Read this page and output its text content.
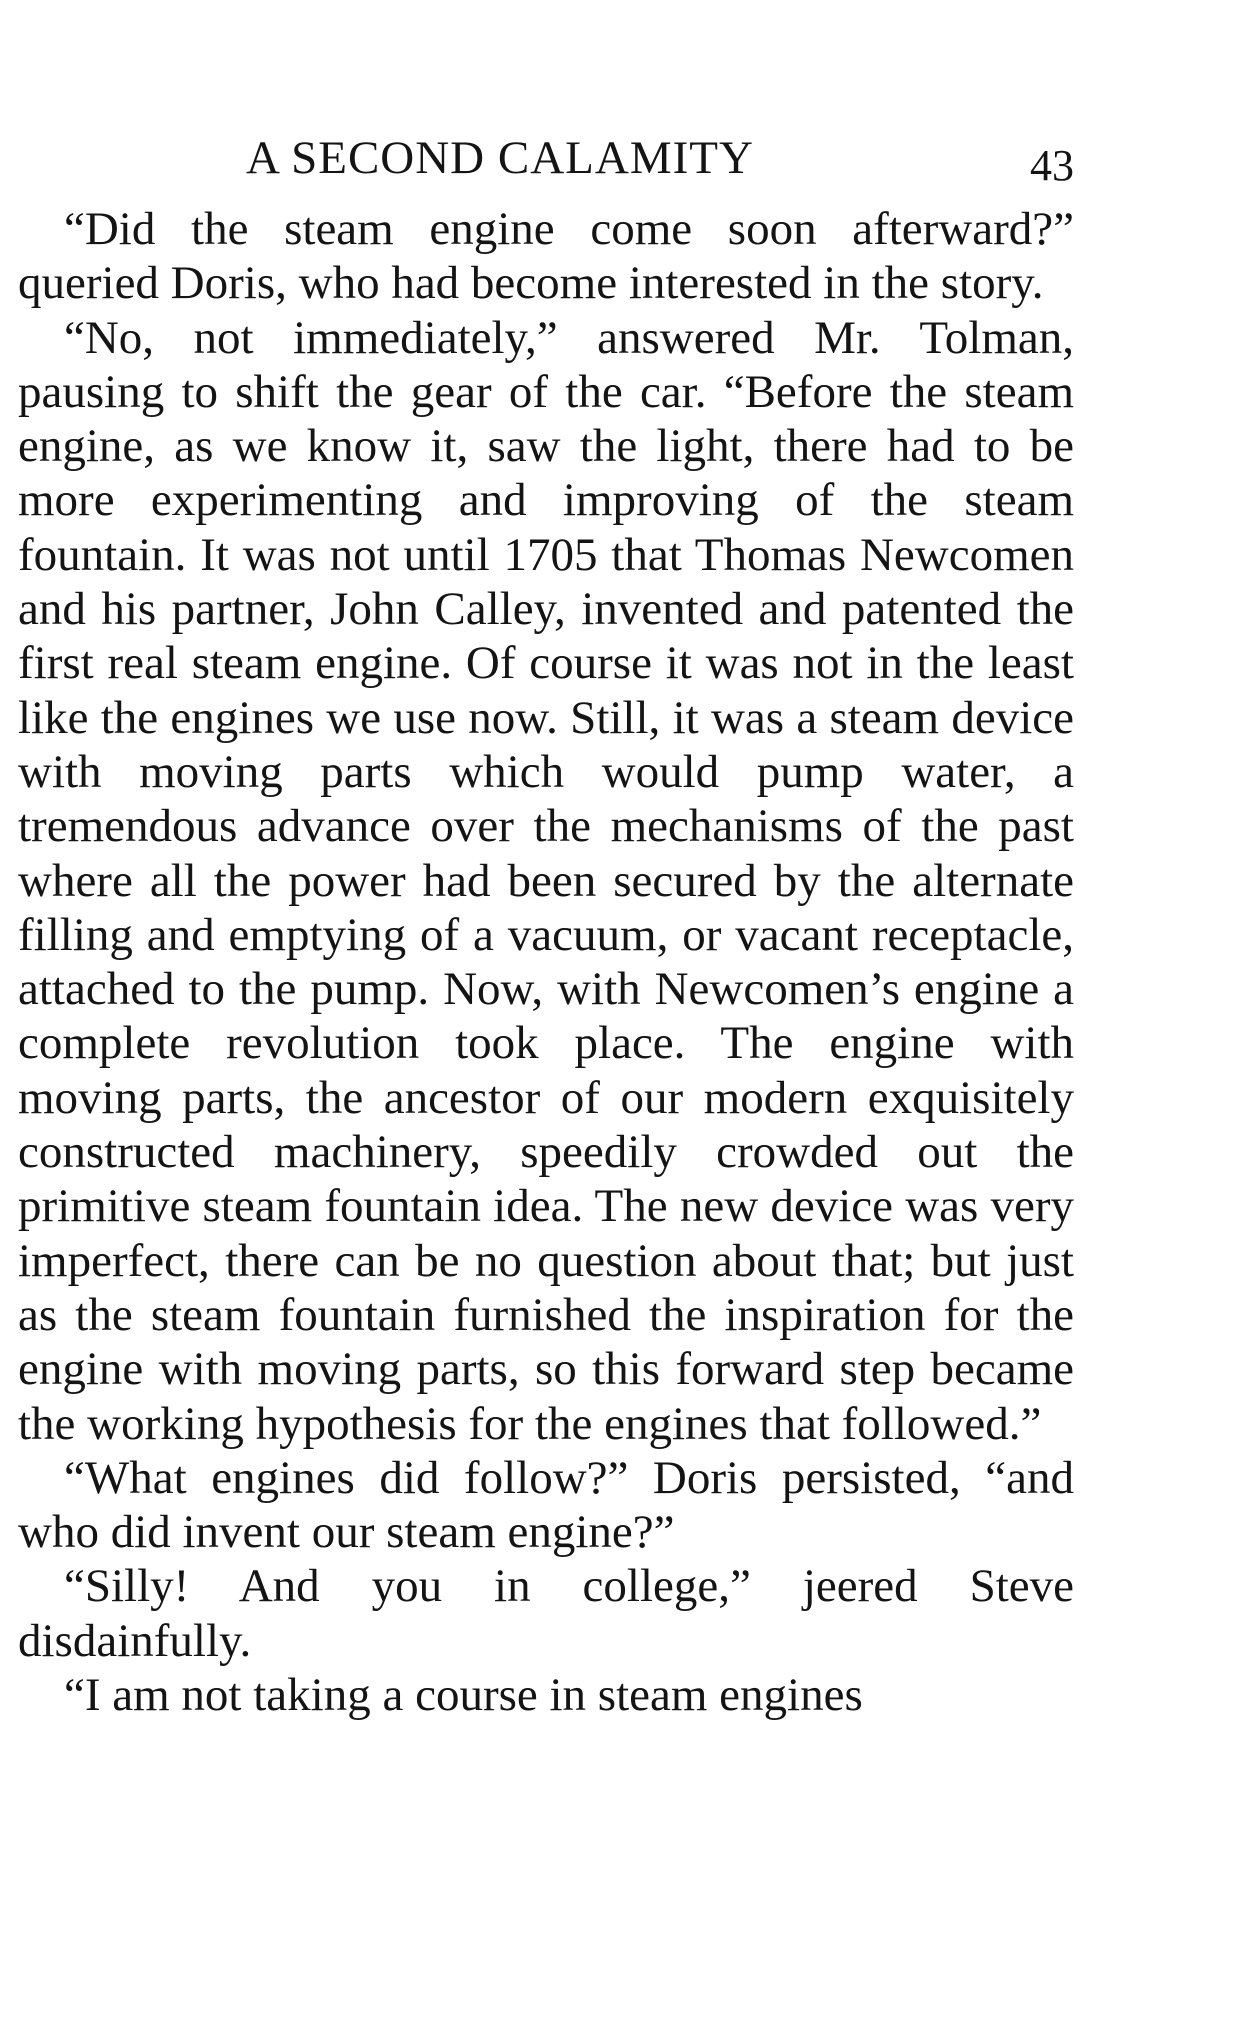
A SECOND CALAMITY	43

“Did the steam engine come soon afterward?” queried Doris, who had become interested in the story.

“No, not immediately,” answered Mr. Tolman, pausing to shift the gear of the car. “Before the steam engine, as we know it, saw the light, there had to be more experimenting and improving of the steam fountain. It was not until 1705 that Thomas Newcomen and his partner, John Calley, invented and patented the first real steam engine. Of course it was not in the least like the engines we use now. Still, it was a steam device with moving parts which would pump water, a tremendous advance over the mechanisms of the past where all the power had been secured by the alternate filling and emptying of a vacuum, or vacant receptacle, attached to the pump. Now, with Newcomen’s engine a complete revolution took place. The engine with moving parts, the ancestor of our modern exquisitely constructed machinery, speedily crowded out the primitive steam fountain idea. The new device was very imperfect, there can be no question about that; but just as the steam fountain furnished the inspiration for the engine with moving parts, so this forward step became the working hypothesis for the engines that followed.”

“What engines did follow?” Doris persisted, “and who did invent our steam engine?”

“Silly! And you in college,” jeered Steve disdainfully.

“I am not taking a course in steam engines
